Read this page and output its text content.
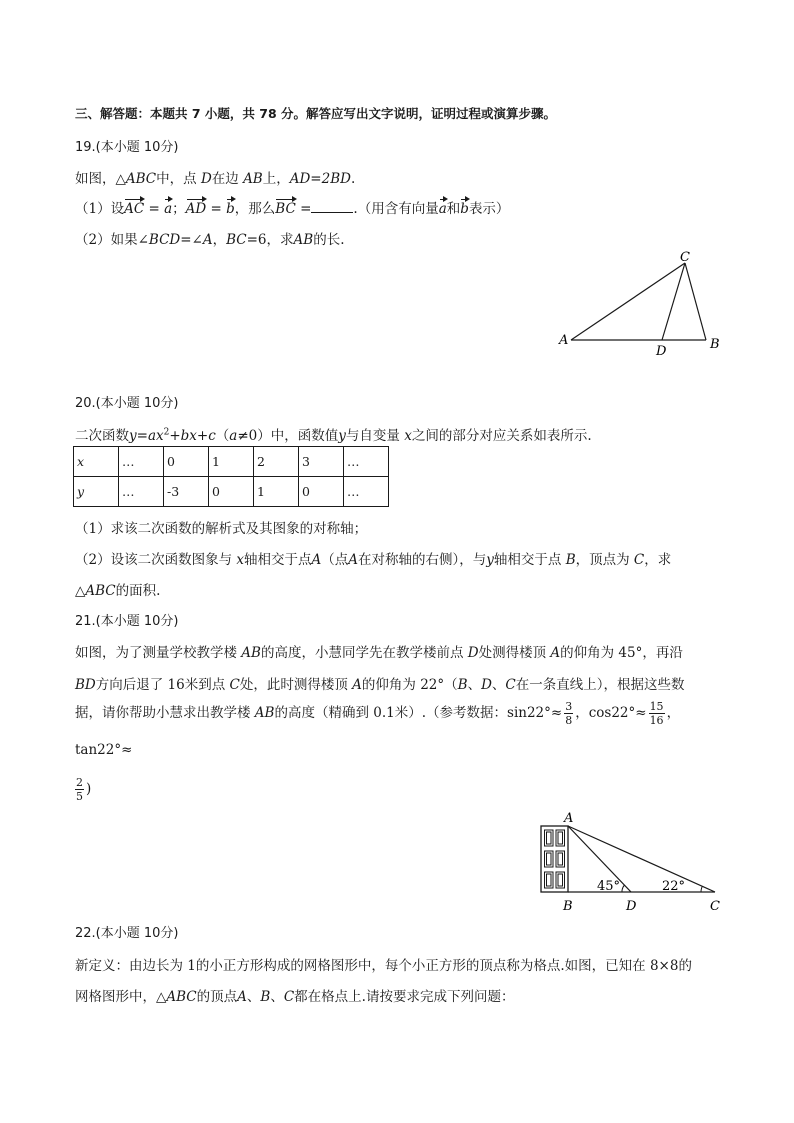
三、解答题：本题共 7 小题，共 78 分。解答应写出文字说明，证明过程或演算步骤。
19.(本小题 10分)
如图，△ABC中，点 D在边 AB上，AD=2BD.
（1）设AC = a；AD = b，那么BC =	.（用含有向量a和b表示）
（2）如果∠BCD=∠A，BC=6，求AB的长.
C
A
D	B
20.(本小题 10分)
二次函数$y=ax^2+bx+c(a\ne 0)$中，函数值y与自变量 x之间的部分对应关系如表所示.
x	…	0	1	2	3	…
y	…	-3	0	1	0	…
（1）求该二次函数的解析式及其图象的对称轴；
（2）设该二次函数图象与 x轴相交于点A（点A在对称轴的右侧），与y轴相交于点 B，顶点为 C，求
△ABC的面积.
21.(本小题 10分)
如图，为了测量学校教学楼 AB的高度，小慧同学先在教学楼前点 D处测得楼顶 A的仰角为 45°，再沿
BD方向后退了 16米到点 C处，此时测得楼顶 A的仰角为 22°（B、D、C在一条直线上），根据这些数
据，请你帮助小慧求出教学楼 AB的高度（精确到 0.1米）.（参考数据：$\sin 22^\circ\approx \frac{3}{8}$ ，$\cos 22^\circ\approx \frac{15}{16}$ ，
tan22°≈
$\frac{2}{5}$ )
A
B	D	C
45°	22°
22.(本小题 10分)
新定义：由边长为 1的小正方形构成的网格图形中，每个小正方形的顶点称为格点.如图，已知在 8×8的
网格图形中，△ABC的顶点A、B、C都在格点上.请按要求完成下列问题：
